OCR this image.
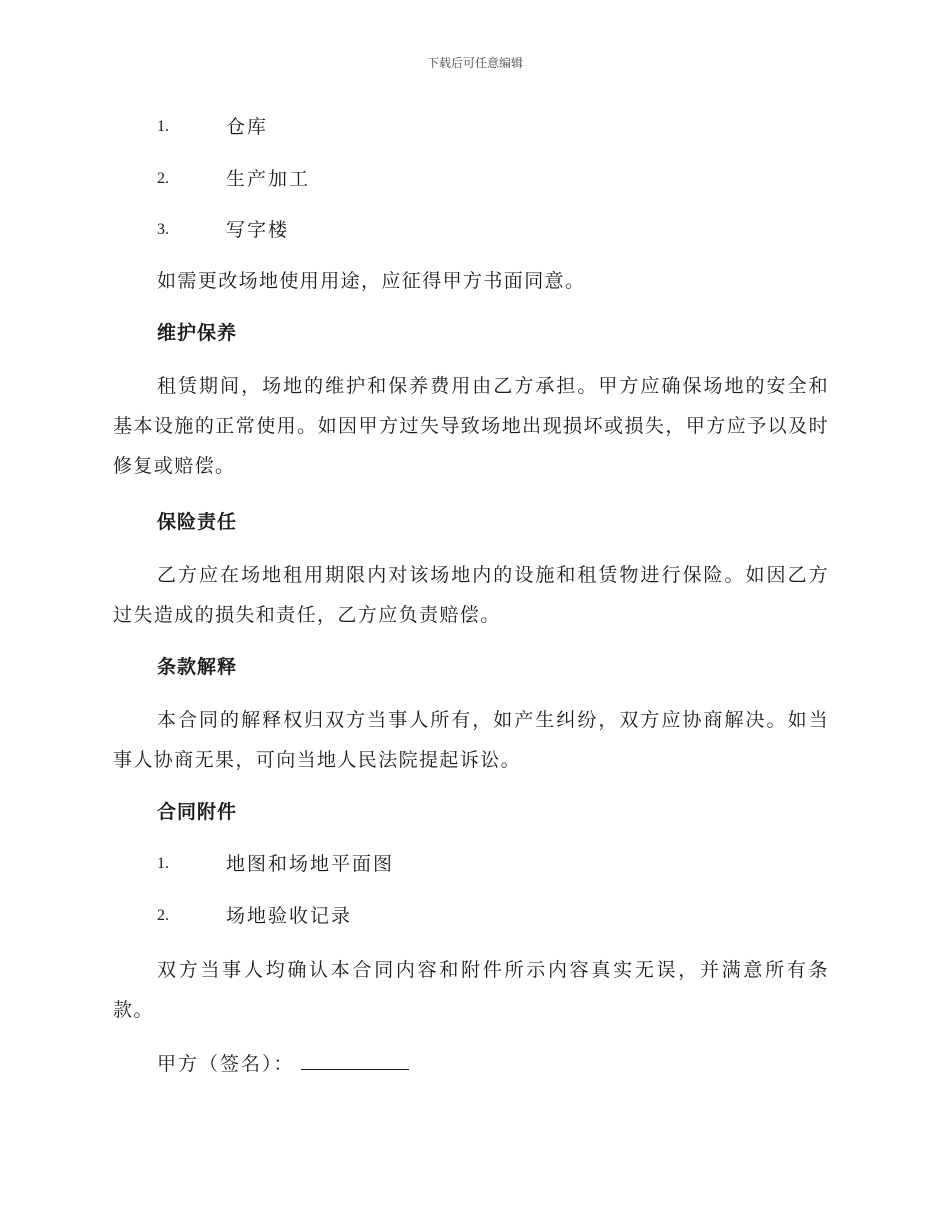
下载后可任意编辑
1.	仓库
2.	生产加工
3.	写字楼
如需更改场地使用用途，应征得甲方书面同意。
维护保养
租赁期间，场地的维护和保养费用由乙方承担。甲方应确保场地的安全和基本设施的正常使用。如因甲方过失导致场地出现损坏或损失，甲方应予以及时修复或赔偿。
保险责任
乙方应在场地租用期限内对该场地内的设施和租赁物进行保险。如因乙方过失造成的损失和责任，乙方应负责赔偿。
条款解释
本合同的解释权归双方当事人所有，如产生纠纷，双方应协商解决。如当事人协商无果，可向当地人民法院提起诉讼。
合同附件
1.	地图和场地平面图
2.	场地验收记录
双方当事人均确认本合同内容和附件所示内容真实无误，并满意所有条款。
甲方（签名）：
